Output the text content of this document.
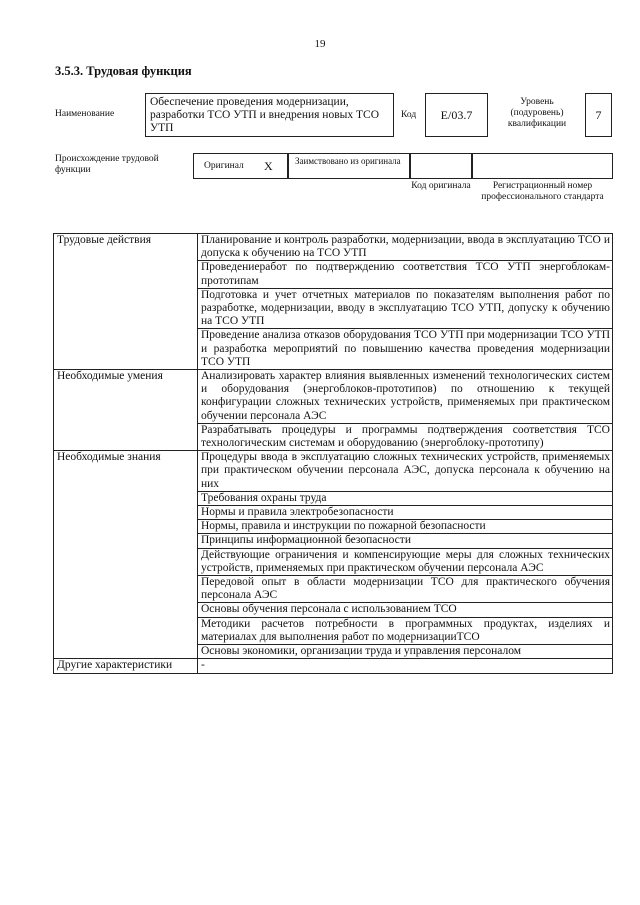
19
3.5.3. Трудовая функция
Наименование
Обеспечение проведения модернизации, разработки ТСО УТП и внедрения новых ТСО УТП
Код	E/03.7
Уровень (подуровень) квалификации
7
Происхождение трудовой функции	Оригинал X Заимствовано из оригинала
Код оригинала	Регистрационный номер профессионального стандарта
Трудовые действия	Планирование и контроль разработки, модернизации, ввода в эксплуатацию ТСО и допуска к обучению на ТСО УТП
	Проведениеработ по подтверждению соответствия ТСО УТП энергоблокам-прототипам
	Подготовка и учет отчетных материалов по показателям выполнения работ по разработке, модернизации, вводу в эксплуатацию ТСО УТП, допуску к обучению на ТСО УТП
	Проведение анализа отказов оборудования ТСО УТП при модернизации ТСО УТП и разработка мероприятий по повышению качества проведения модернизации ТСО УТП
Необходимые умения	Анализировать характер влияния выявленных изменений технологических систем и оборудования (энергоблоков-прототипов) по отношению к текущей конфигурации сложных технических устройств, применяемых при практическом обучении персонала АЭС
	Разрабатывать процедуры и программы подтверждения соответствия ТСО технологическим системам и оборудованию (энергоблоку-прототипу)
Необходимые знания	Процедуры ввода в эксплуатацию сложных технических устройств, применяемых при практическом обучении персонала АЭС, допуска персонала к обучению на них
	Требования охраны труда
	Нормы и правила электробезопасности
	Нормы, правила и инструкции по пожарной безопасности
	Принципы информационной безопасности
	Действующие ограничения и компенсирующие меры для сложных технических устройств, применяемых при практическом обучении персонала АЭС
	Передовой опыт в области модернизации ТСО для практического обучения персонала АЭС
	Основы обучения персонала с использованием ТСО
	Методики расчетов потребности в программных продуктах, изделиях и материалах для выполнения работ по модернизацииТСО
	Основы экономики, организации труда и управления персоналом
Другие характеристики	-
